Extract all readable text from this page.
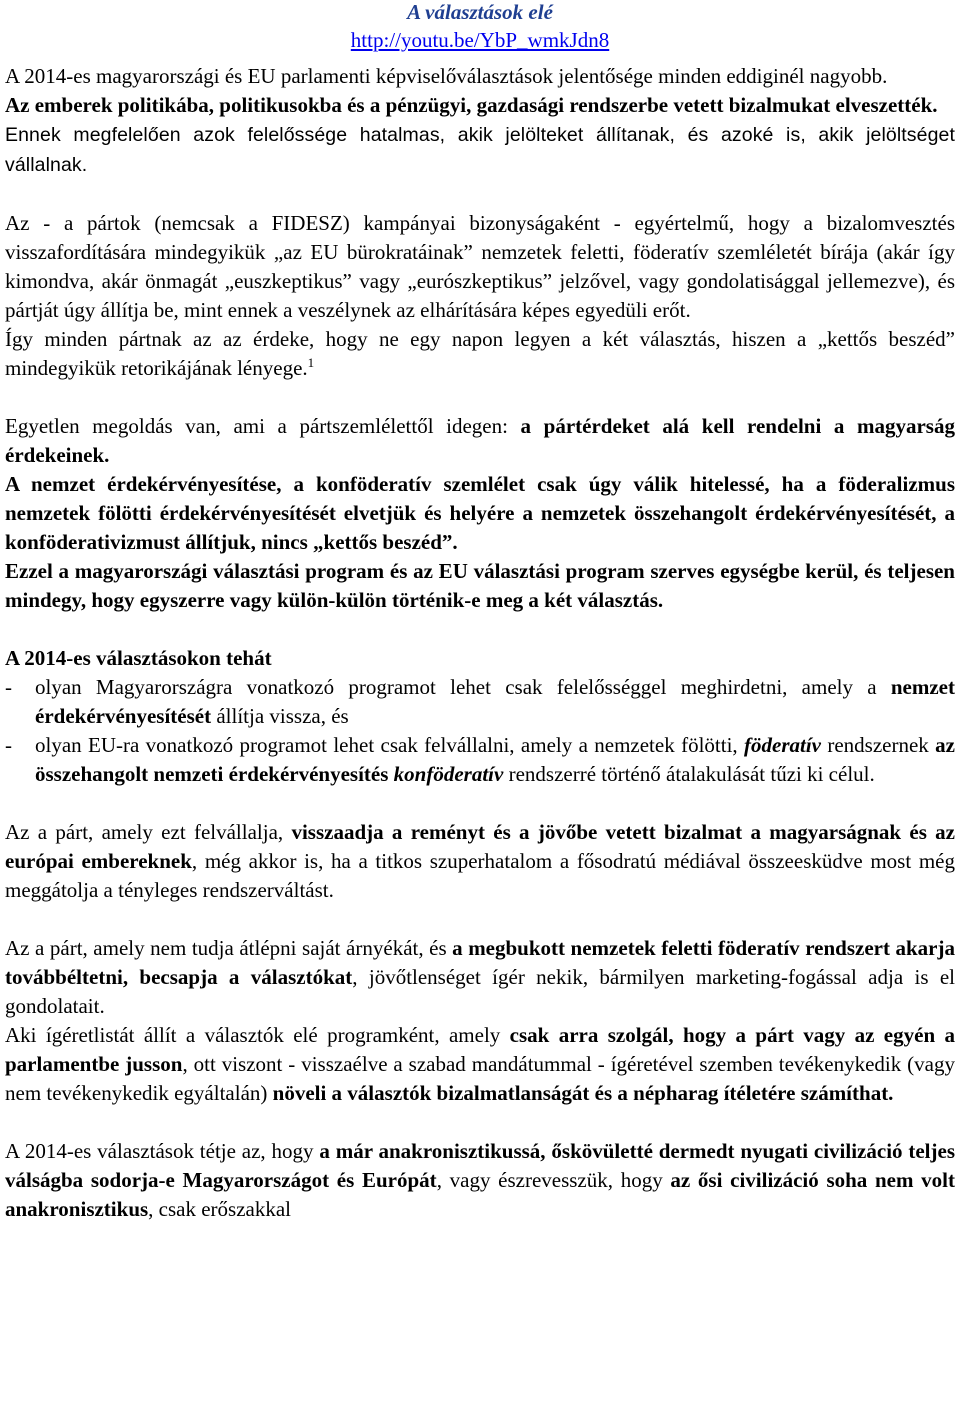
A választások elé
http://youtu.be/YbP_wmkJdn8

A 2014-es magyarországi és EU parlamenti képviselőválasztások jelentősége minden eddiginél nagyobb.
Az emberek politikába, politikusokba és a pénzügyi, gazdasági rendszerbe vetett bizalmukat elveszették.
Ennek megfelelően azok felelőssége hatalmas, akik jelölteket állítanak, és azoké is, akik jelöltséget vállalnak.

Az - a pártok (nemcsak a FIDESZ) kampányai bizonyságaként - egyértelmű, hogy a bizalomvesztés visszafordítására mindegyikük „az EU bürokratáinak” nemzetek feletti, föderatív szemléletét bírája (akár így kimondva, akár önmagát „euszkeptikus” vagy „eurószkeptikus” jelzővel, vagy gondolatisággal jellemezve), és pártját úgy állítja be, mint ennek a veszélynek az elhárítására képes egyedüli erőt.
Így minden pártnak az az érdeke, hogy ne egy napon legyen a két választás, hiszen a „kettős beszéd” mindegyikük retorikájának lényege.$^1$

Egyetlen megoldás van, ami a pártszemlélettől idegen: a pártérdeket alá kell rendelni a magyarság érdekeinek.
A nemzet érdekérvényesítése, a konföderatív szemlélet csak úgy válik hitelessé, ha a föderalizmus nemzetek fölötti érdekérvényesítését elvetjük és helyére a nemzetek összehangolt érdekérvényesítését, a konföderativizmust állítjuk, nincs „kettős beszéd”.
Ezzel a magyarországi választási program és az EU választási program szerves egységbe kerül, és teljesen mindegy, hogy egyszerre vagy külön-külön történik-e meg a két választás.

A 2014-es választásokon tehát

- olyan Magyarországra vonatkozó programot lehet csak felelősséggel meghirdetni, amely a nemzet érdekérvényesítését állítja vissza, és
- olyan EU-ra vonatkozó programot lehet csak felvállalni, amely a nemzetek fölötti, föderatív rendszernek az összehangolt nemzeti érdekérvényesítés konföderatív rendszerré történő átalakulását tűzi ki célul.

Az a párt, amely ezt felvállalja, visszaadja a reményt és a jövőbe vetett bizalmat a magyarságnak és az európai embereknek, még akkor is, ha a titkos szuperhatalom a fősodratú médiával összeesküdve most még meggátolja a tényleges rendszerváltást.

Az a párt, amely nem tudja átlépni saját árnyékát, és a megbukott nemzetek feletti föderatív rendszert akarja továbbéltetni, becsapja a választókat, jövőtlenséget ígér nekik, bármilyen marketing-fogással adja is el gondolatait.
Aki ígéretlistát állít a választók elé programként, amely csak arra szolgál, hogy a párt vagy az egyén a parlamentbe jusson, ott viszont - visszaélve a szabad mandátummal - ígéretével szemben tevékenykedik (vagy nem tevékenykedik egyáltalán) növeli a választók bizalmatlanságát és a népharag ítéletére számíthat.

A 2014-es választások tétje az, hogy a már anakronisztikussá, őskövületté dermedt nyugati civilizáció teljes válságba sodorja-e Magyarországot és Európát, vagy észrevesszük, hogy az ősi civilizáció soha nem volt anakronisztikus, csak erőszakkal
